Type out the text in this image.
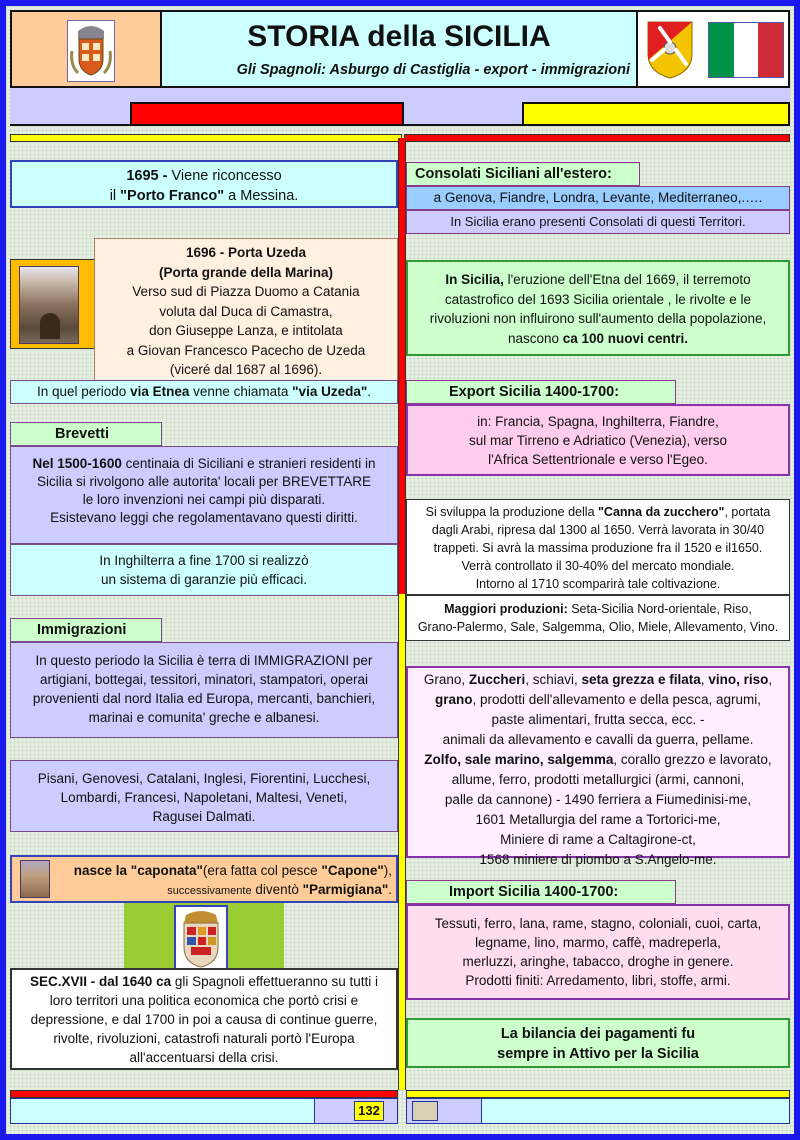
STORIA della SICILIA
Gli Spagnoli: Asburgo di Castiglia - export - immigrazioni
1695 - Viene riconcesso
il "Porto Franco" a Messina.
1696 - Porta Uzeda
(Porta grande della Marina)
Verso sud di Piazza Duomo a Catania
voluta dal Duca di Camastra,
don Giuseppe Lanza, e intitolata
a Giovan Francesco Pacecho de Uzeda
(viceré dal 1687 al 1696).
In quel periodo via Etnea venne chiamata "via Uzeda".
Brevetti
Nel 1500-1600 centinaia di Siciliani e stranieri residenti in
Sicilia si rivolgono alle autorita' locali per BREVETTARE
le loro invenzioni nei campi più disparati.
Esistevano leggi che regolamentavano questi diritti.
In Inghilterra a fine 1700 si realizzò
un sistema di garanzie più efficaci.
Immigrazioni
In questo periodo la Sicilia è terra di IMMIGRAZIONI per
artigiani, bottegai, tessitori, minatori, stampatori, operai
provenienti dal nord Italia ed Europa, mercanti, banchieri,
marinai e comunita' greche e albanesi.
Pisani, Genovesi, Catalani, Inglesi, Fiorentini, Lucchesi,
Lombardi, Francesi, Napoletani, Maltesi, Veneti,
Ragusei Dalmati.
nasce la "caponata"(era fatta col pesce "Capone"),
successivamente diventò "Parmigiana".
SEC.XVII - dal 1640 ca gli Spagnoli effettueranno su tutti i
loro territori una politica economica che portò crisi e
depressione, e dal 1700 in poi a causa di continue guerre,
rivolte, rivoluzioni, catastrofi naturali portò l'Europa
all'accentuarsi della crisi.
Consolati Siciliani all'estero:
a Genova, Fiandre, Londra, Levante, Mediterraneo,.….
In Sicilia erano presenti Consolati di questi Territori.
In Sicilia, l'eruzione dell'Etna del 1669, il terremoto
catastrofico del 1693 Sicilia orientale , le rivolte e le
rivoluzioni non influirono sull'aumento della popolazione,
nascono ca 100 nuovi centri.
Export Sicilia 1400-1700:
in: Francia, Spagna, Inghilterra, Fiandre,
sul mar Tirreno e Adriatico (Venezia), verso
l'Africa Settentrionale e verso l'Egeo.
Si sviluppa la produzione della "Canna da zucchero", portata
dagli Arabi, ripresa dal 1300 al 1650. Verrà lavorata in 30/40
trappeti. Si avrà la massima produzione fra il 1520 e il1650.
Verrà controllato il 30-40% del mercato mondiale.
Intorno al 1710 scomparirà tale coltivazione.
Maggiori produzioni: Seta-Sicilia Nord-orientale, Riso,
Grano-Palermo, Sale, Salgemma, Olio, Miele, Allevamento, Vino.
Grano, Zuccheri, schiavi, seta grezza e filata, vino, riso,
grano, prodotti dell'allevamento e della pesca, agrumi,
paste alimentari, frutta secca, ecc. -
animali da allevamento e cavalli da guerra, pellame.
Zolfo, sale marino, salgemma, corallo grezzo e lavorato,
allume, ferro, prodotti metallurgici (armi, cannoni,
palle da cannone) - 1490 ferriera a Fiumedinisi-me,
1601 Metallurgia del rame a Tortorici-me,
Miniere di rame a Caltagirone-ct,
1568 miniere di piombo a S.Angelo-me.
Import Sicilia 1400-1700:
Tessuti, ferro, lana, rame, stagno, coloniali, cuoi, carta,
legname, lino, marmo, caffè, madreperla,
merluzzi, aringhe, tabacco, droghe in genere.
Prodotti finiti: Arredamento, libri, stoffe, armi.
La bilancia dei pagamenti fu
sempre in Attivo per la Sicilia
132
